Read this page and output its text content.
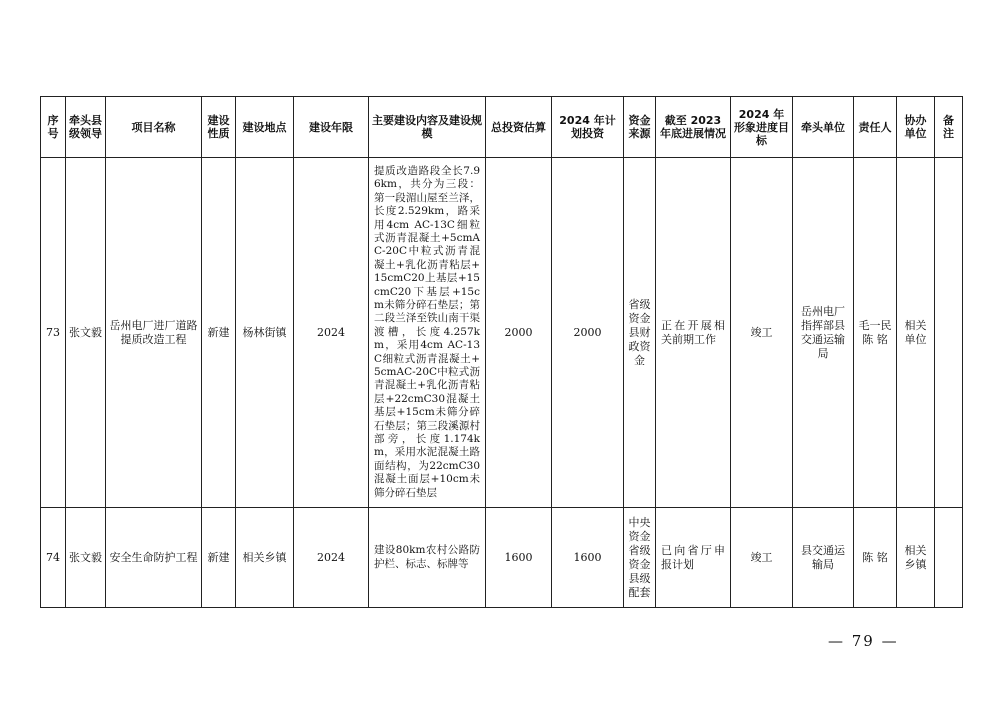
序号	牵头县级领导	项目名称	建设性质	建设地点	建设年限	主要建设内容及建设规模	总投资估算	2024 年计划投资	资金来源	截至 2023 年底进展情况	2024 年形象进度目标	牵头单位	责任人	协办单位	备注
73	张文毅	岳州电厂进厂道路提质改造工程	新建	杨林街镇	2024	提质改造路段全长7.96km，共分为三段：第一段湄山屋至兰泽，长度2.529km，路采用4cm AC-13C细粒式沥青混凝土+5cmAC-20C中粒式沥青混凝土+乳化沥青粘层+15cmC20上基层+15cmC20下基层+15cm未筛分碎石垫层；第二段兰泽至铁山南干渠渡槽，长度4.257km，采用4cm AC-13C细粒式沥青混凝土+5cmAC-20C中粒式沥青混凝土+乳化沥青粘层+22cmC30混凝土基层+15cm未筛分碎石垫层；第三段溪源村部旁，长度1.174km，采用水泥混凝土路面结构，为22cmC30混凝土面层+10cm未筛分碎石垫层	2000	2000	省级资金县财政资金	正在开展相关前期工作	竣工	岳州电厂指挥部县交通运输局	毛一民陈 铭	相关单位	
74	张文毅	安全生命防护工程	新建	相关乡镇	2024	建设80km农村公路防护栏、标志、标牌等	1600	1600	中央资金省级资金县级配套	已向省厅申报计划	竣工	县交通运输局	陈 铭	相关乡镇	
— 79 —
